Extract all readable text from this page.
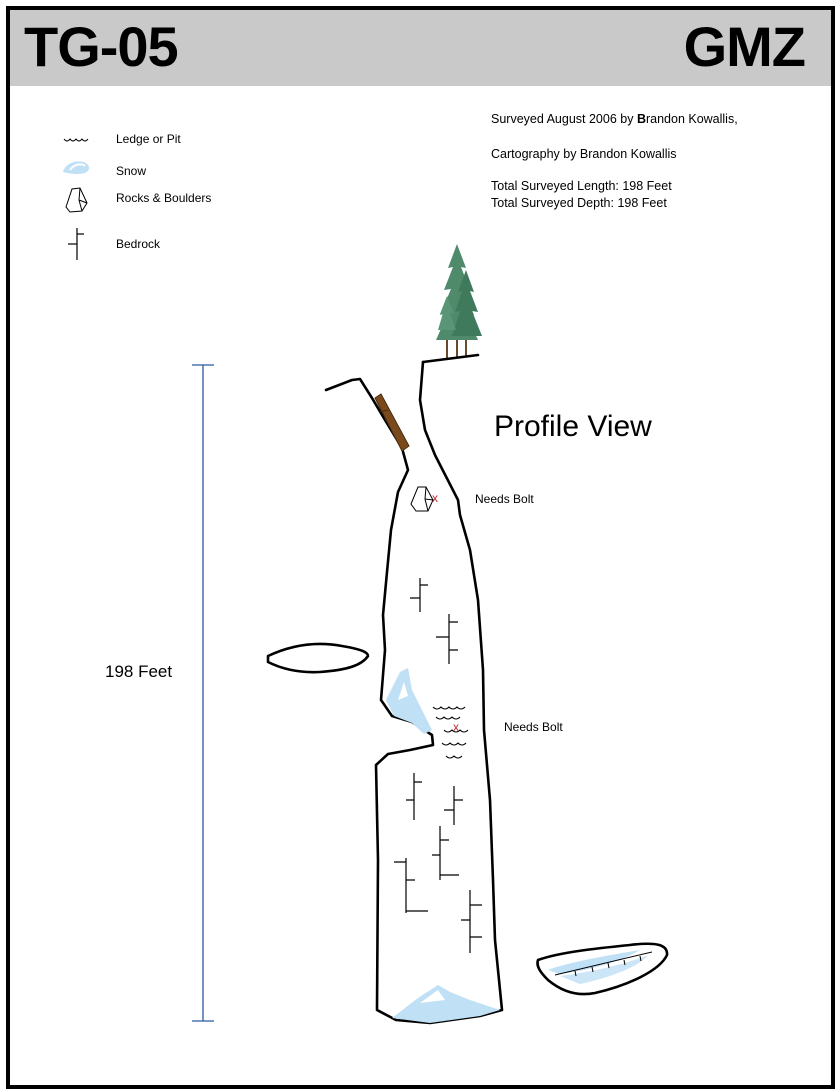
TG-05	GMZ
Ledge or Pit
Snow
Rocks & Boulders
Bedrock
Surveyed August 2006 by Brandon Kowallis,
Cartography by Brandon Kowallis
Total Surveyed Length: 198 Feet
Total Surveyed Depth: 198 Feet
Profile View
198 Feet
x	Needs Bolt
x	Needs Bolt
